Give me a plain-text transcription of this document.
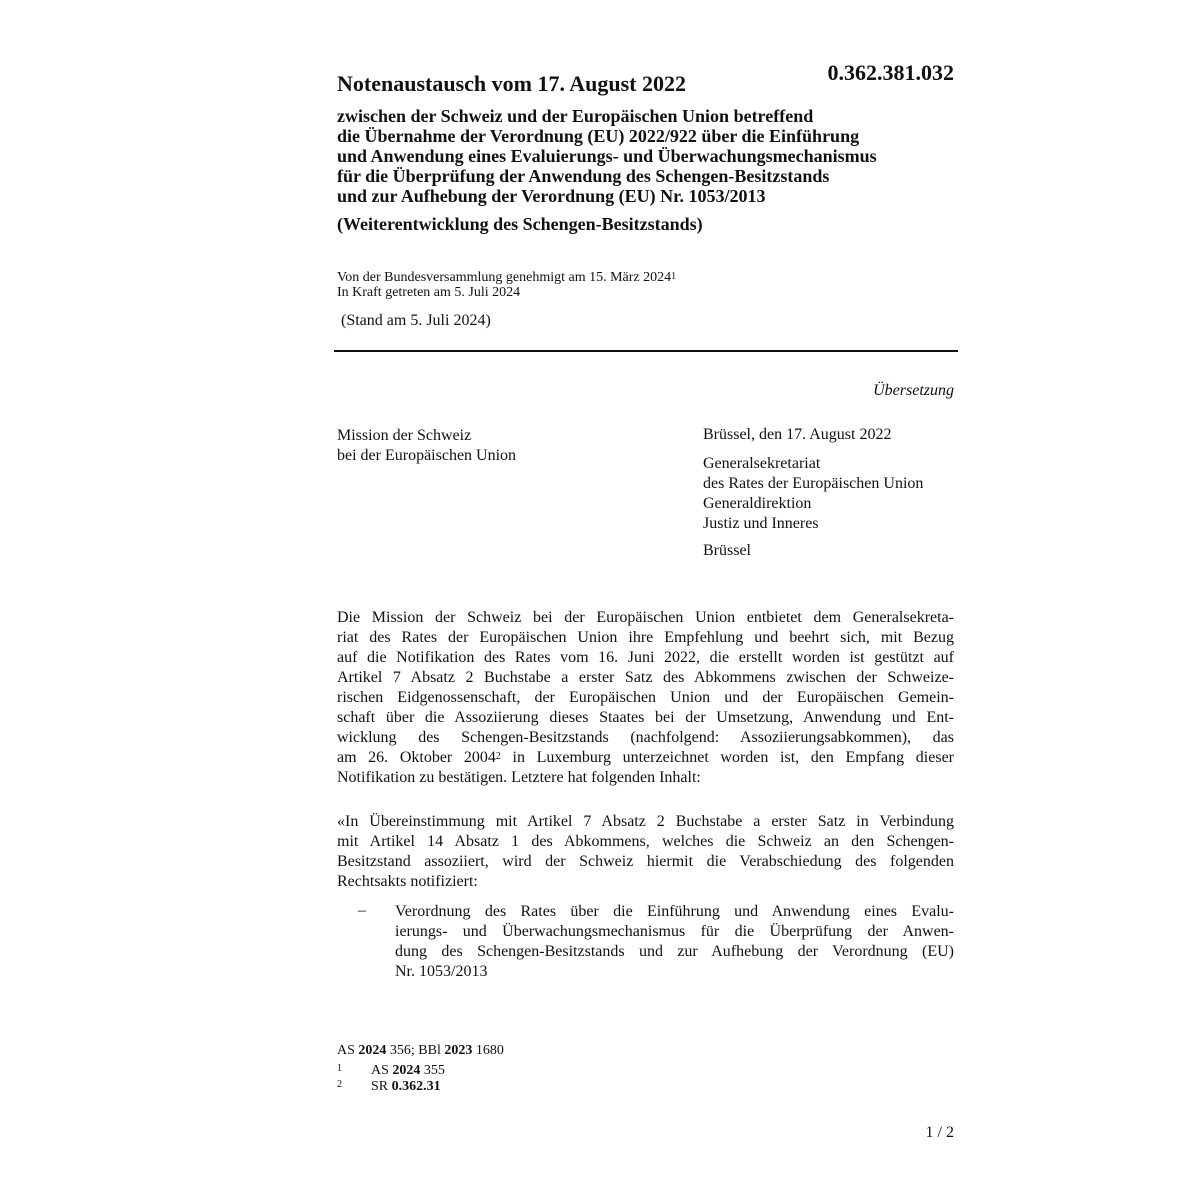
0.362.381.032
Notenaustausch vom 17. August 2022
zwischen der Schweiz und der Europäischen Union betreffend
die Übernahme der Verordnung (EU) 2022/922 über die Einführung
und Anwendung eines Evaluierungs- und Überwachungsmechanismus
für die Überprüfung der Anwendung des Schengen-Besitzstands
und zur Aufhebung der Verordnung (EU) Nr. 1053/2013
(Weiterentwicklung des Schengen-Besitzstands)
Von der Bundesversammlung genehmigt am 15. März 2024$^1$
In Kraft getreten am 5. Juli 2024
(Stand am 5. Juli 2024)
Übersetzung
Mission der Schweiz
bei der Europäischen Union
Brüssel, den 17. August 2022
Generalsekretariat
des Rates der Europäischen Union
Generaldirektion
Justiz und Inneres
Brüssel
Die Mission der Schweiz bei der Europäischen Union entbietet dem Generalsekreta-
riat des Rates der Europäischen Union ihre Empfehlung und beehrt sich, mit Bezug
auf die Notifikation des Rates vom 16. Juni 2022, die erstellt worden ist gestützt auf
Artikel 7 Absatz 2 Buchstabe a erster Satz des Abkommens zwischen der Schweize-
rischen Eidgenossenschaft, der Europäischen Union und der Europäischen Gemein-
schaft über die Assoziierung dieses Staates bei der Umsetzung, Anwendung und Ent-
wicklung des Schengen-Besitzstands (nachfolgend: Assoziierungsabkommen), das
am 26. Oktober 2004$^2$ in Luxemburg unterzeichnet worden ist, den Empfang dieser
Notifikation zu bestätigen. Letztere hat folgenden Inhalt:
«In Übereinstimmung mit Artikel 7 Absatz 2 Buchstabe a erster Satz in Verbindung
mit Artikel 14 Absatz 1 des Abkommens, welches die Schweiz an den Schengen-
Besitzstand assoziiert, wird der Schweiz hiermit die Verabschiedung des folgenden
Rechtsakts notifiziert:
– Verordnung des Rates über die Einführung und Anwendung eines Evalu-
ierungs- und Überwachungsmechanismus für die Überprüfung der Anwen-
dung des Schengen-Besitzstands und zur Aufhebung der Verordnung (EU)
Nr. 1053/2013
AS 2024 356; BBl 2023 1680
1 AS 2024 355
2 SR 0.362.31
1 / 2
